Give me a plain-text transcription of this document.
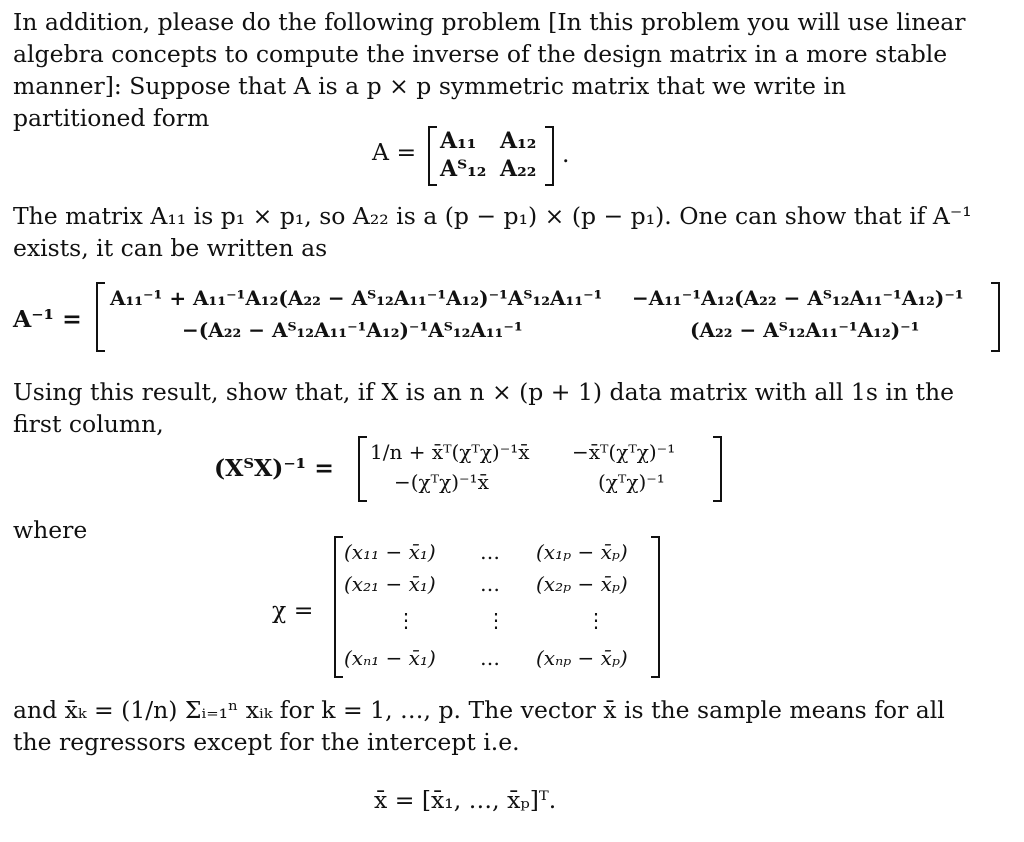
In addition, please do the following problem [In this problem you will use linear algebra concepts to compute the inverse of the design matrix in a more stable manner]: Suppose that A is a p × p symmetric matrix that we write in partitioned form
A = A₁₁ A₁₂
Aᵀ₁₂ A₂₂
.
The matrix A₁₁ is p₁ × p₁, so A₂₂ is a (p − p₁) × (p − p₁). One can show that if A⁻¹ exists, it can be written as
A⁻¹ =
A₁₁⁻¹ + A₁₁⁻¹A₁₂(A₂₂ − Aᵀ₁₂A₁₁⁻¹A₁₂)⁻¹Aᵀ₁₂A₁₁⁻¹ −A₁₁⁻¹A₁₂(A₂₂ − Aᵀ₁₂A₁₁⁻¹A₁₂)⁻¹
−(A₂₂ − Aᵀ₁₂A₁₁⁻¹A₁₂)⁻¹Aᵀ₁₂A₁₁⁻¹	(A₂₂ − Aᵀ₁₂A₁₁⁻¹A₁₂)⁻¹
Using this result, show that, if X is an n × (p + 1) data matrix with all 1s in the first column,
(XᵀX)⁻¹ =
1/n + x̄ᵀ(χᵀχ)⁻¹x̄ −x̄ᵀ(χᵀχ)⁻¹
−(χᵀχ)⁻¹x̄	(χᵀχ)⁻¹
where
χ =
(x₁₁ − x̄₁) … (x₁ₚ − x̄ₚ)
(x₂₁ − x̄₁) … (x₂ₚ − x̄ₚ)
⋮	⋮	⋮
(xₙ₁ − x̄₁) … (xₙₚ − x̄ₚ)
and x̄ₖ = (1/n) Σᵢ₌₁ⁿ xᵢₖ for k = 1, …, p. The vector x̄ is the sample means for all the regressors except for the intercept i.e.
x̄ = [x̄₁, …, x̄ₚ]ᵀ.
